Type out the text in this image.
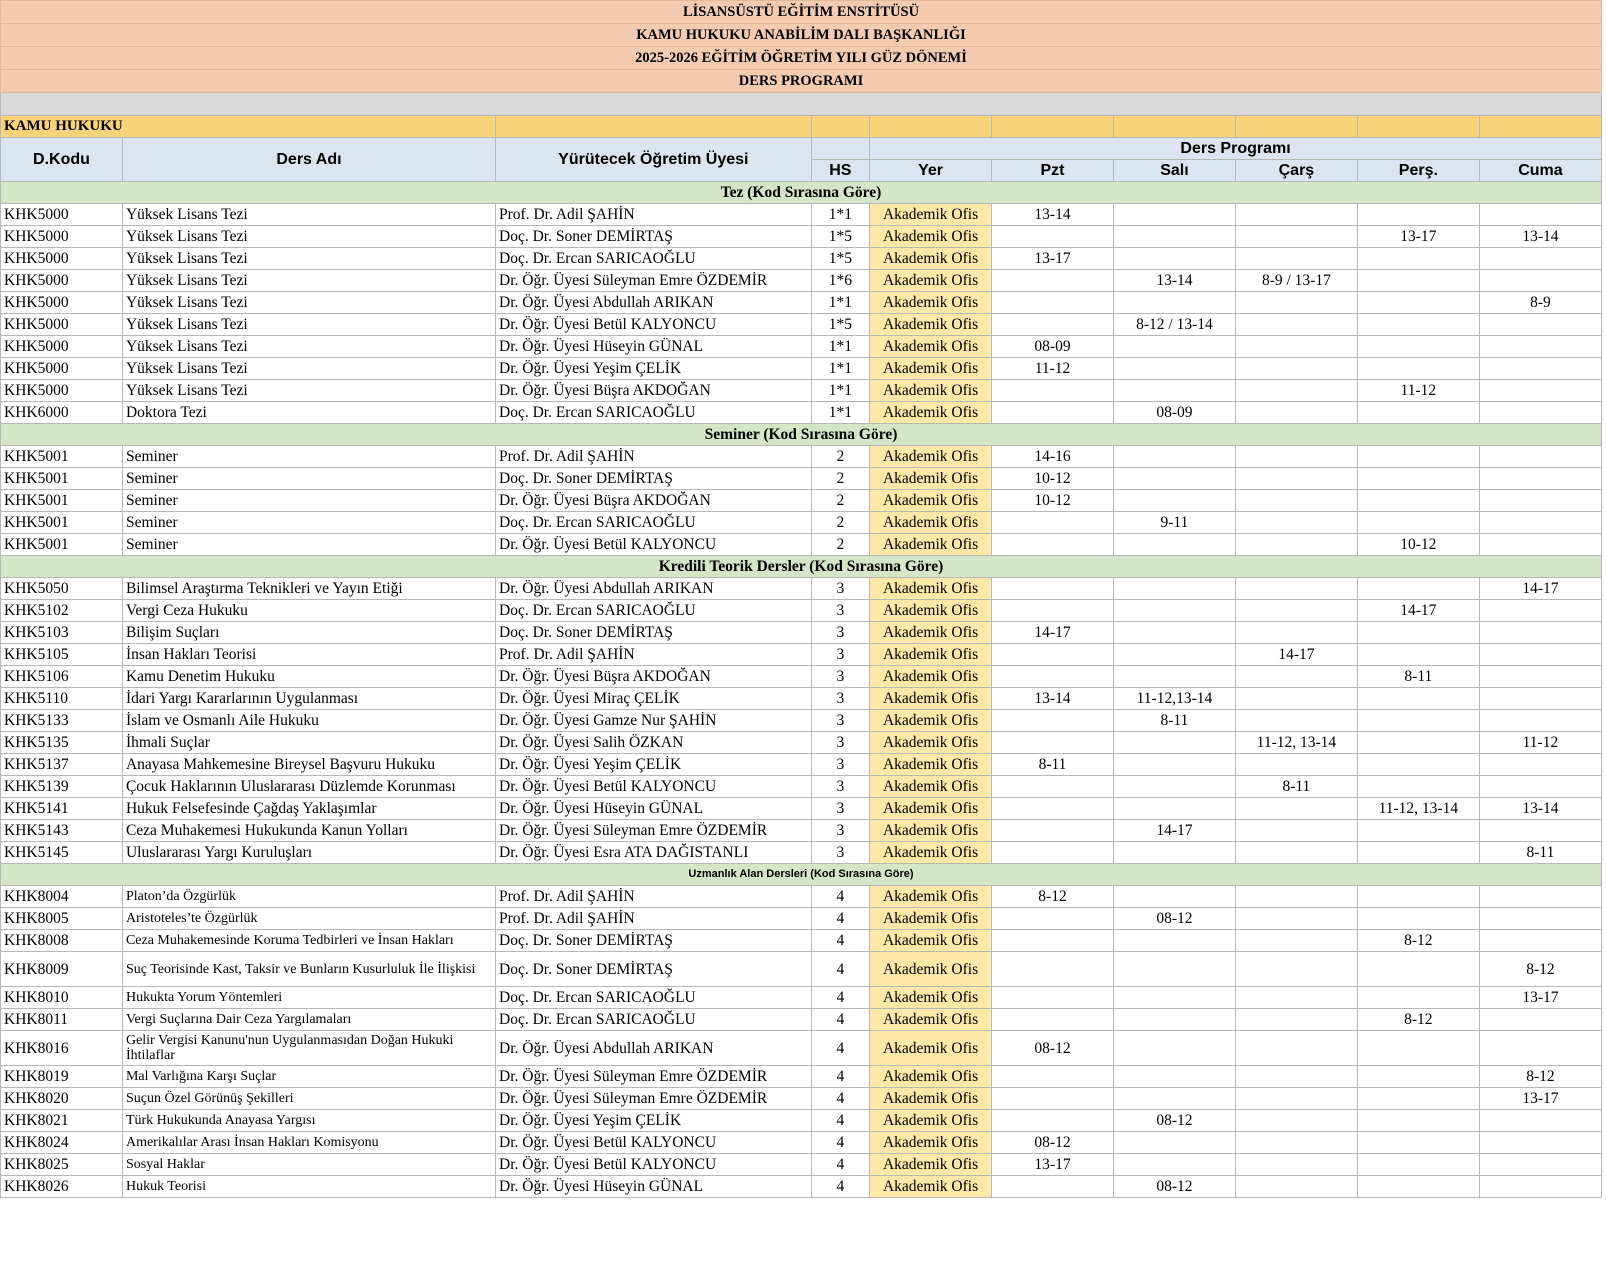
LİSANSÜSTÜ EĞİTİM ENSTİTÜSÜ									
KAMU HUKUKU ANABİLİM DALI BAŞKANLIĞI									
2025-2026 EĞİTİM ÖĞRETİM YILI GÜZ DÖNEMİ									
DERS PROGRAMI									

KAMU HUKUKU									
D.Kodu	Ders Adı	Yürütecek Öğretim Üyesi		Ders Programı					
			HS	Yer	Pzt	Salı	Çarş	Perş.	Cuma
Tez (Kod Sırasına Göre)									
KHK5000	Yüksek Lisans Tezi	Prof. Dr. Adil ŞAHİN	1*1	Akademik Ofis	13-14				
KHK5000	Yüksek Lisans Tezi	Doç. Dr. Soner DEMİRTAŞ	1*5	Akademik Ofis				13-17	13-14
KHK5000	Yüksek Lisans Tezi	Doç. Dr. Ercan SARICAOĞLU	1*5	Akademik Ofis	13-17				
KHK5000	Yüksek Lisans Tezi	Dr. Öğr. Üyesi Süleyman Emre ÖZDEMİR	1*6	Akademik Ofis		13-14	8-9 / 13-17		
KHK5000	Yüksek Lisans Tezi	Dr. Öğr. Üyesi Abdullah ARIKAN	1*1	Akademik Ofis					8-9
KHK5000	Yüksek Lisans Tezi	Dr. Öğr. Üyesi Betül KALYONCU	1*5	Akademik Ofis		8-12 / 13-14			
KHK5000	Yüksek Lisans Tezi	Dr. Öğr. Üyesi Hüseyin GÜNAL	1*1	Akademik Ofis	08-09				
KHK5000	Yüksek Lisans Tezi	Dr. Öğr. Üyesi Yeşim ÇELİK	1*1	Akademik Ofis	11-12				
KHK5000	Yüksek Lisans Tezi	Dr. Öğr. Üyesi Büşra AKDOĞAN	1*1	Akademik Ofis				11-12	
KHK6000	Doktora Tezi	Doç. Dr. Ercan SARICAOĞLU	1*1	Akademik Ofis		08-09			
Seminer (Kod Sırasına Göre)									
KHK5001	Seminer	Prof. Dr. Adil ŞAHİN	2	Akademik Ofis	14-16				
KHK5001	Seminer	Doç. Dr. Soner DEMİRTAŞ	2	Akademik Ofis	10-12				
KHK5001	Seminer	Dr. Öğr. Üyesi Büşra AKDOĞAN	2	Akademik Ofis	10-12				
KHK5001	Seminer	Doç. Dr. Ercan SARICAOĞLU	2	Akademik Ofis		9-11			
KHK5001	Seminer	Dr. Öğr. Üyesi Betül KALYONCU	2	Akademik Ofis				10-12	
Kredili Teorik Dersler (Kod Sırasına Göre)									
KHK5050	Bilimsel Araştırma Teknikleri ve Yayın Etiği	Dr. Öğr. Üyesi Abdullah ARIKAN	3	Akademik Ofis					14-17
KHK5102	Vergi Ceza Hukuku	Doç. Dr. Ercan SARICAOĞLU	3	Akademik Ofis				14-17	
KHK5103	Bilişim Suçları	Doç. Dr. Soner DEMİRTAŞ	3	Akademik Ofis	14-17				
KHK5105	İnsan Hakları Teorisi	Prof. Dr. Adil ŞAHİN	3	Akademik Ofis			14-17		
KHK5106	Kamu Denetim Hukuku	Dr. Öğr. Üyesi Büşra AKDOĞAN	3	Akademik Ofis				8-11	
KHK5110	İdari Yargı Kararlarının Uygulanması	Dr. Öğr. Üyesi Miraç ÇELİK	3	Akademik Ofis	13-14	11-12,13-14			
KHK5133	İslam ve Osmanlı Aile Hukuku	Dr. Öğr. Üyesi Gamze Nur ŞAHİN	3	Akademik Ofis		8-11			
KHK5135	İhmali Suçlar	Dr. Öğr. Üyesi Salih ÖZKAN	3	Akademik Ofis			11-12, 13-14		11-12
KHK5137	Anayasa Mahkemesine Bireysel Başvuru Hukuku	Dr. Öğr. Üyesi Yeşim ÇELİK	3	Akademik Ofis	8-11				
KHK5139	Çocuk Haklarının Uluslararası Düzlemde Korunması	Dr. Öğr. Üyesi Betül KALYONCU	3	Akademik Ofis			8-11		
KHK5141	Hukuk Felsefesinde Çağdaş Yaklaşımlar	Dr. Öğr. Üyesi Hüseyin GÜNAL	3	Akademik Ofis				11-12, 13-14	13-14
KHK5143	Ceza Muhakemesi Hukukunda Kanun Yolları	Dr. Öğr. Üyesi Süleyman Emre ÖZDEMİR	3	Akademik Ofis		14-17			
KHK5145	Uluslararası Yargı Kuruluşları	Dr. Öğr. Üyesi Esra ATA DAĞISTANLI	3	Akademik Ofis					8-11
Uzmanlık Alan Dersleri (Kod Sırasına Göre)									
KHK8004	Platon’da Özgürlük	Prof. Dr. Adil ŞAHİN	4	Akademik Ofis	8-12				
KHK8005	Aristoteles’te Özgürlük	Prof. Dr. Adil ŞAHİN	4	Akademik Ofis		08-12			
KHK8008	Ceza Muhakemesinde Koruma Tedbirleri ve İnsan Hakları	Doç. Dr. Soner DEMİRTAŞ	4	Akademik Ofis				8-12	
KHK8009	Suç Teorisinde Kast, Taksir ve Bunların Kusurluluk İle İlişkisi	Doç. Dr. Soner DEMİRTAŞ	4	Akademik Ofis					8-12
KHK8010	Hukukta Yorum Yöntemleri	Doç. Dr. Ercan SARICAOĞLU	4	Akademik Ofis					13-17
KHK8011	Vergi Suçlarına Dair Ceza Yargılamaları	Doç. Dr. Ercan SARICAOĞLU	4	Akademik Ofis				8-12	
KHK8016	Gelir Vergisi Kanunu'nun Uygulanmasıdan Doğan Hukuki İhtilaflar	Dr. Öğr. Üyesi Abdullah ARIKAN	4	Akademik Ofis	08-12				
KHK8019	Mal Varlığına Karşı Suçlar	Dr. Öğr. Üyesi Süleyman Emre ÖZDEMİR	4	Akademik Ofis					8-12
KHK8020	Suçun Özel Görünüş Şekilleri	Dr. Öğr. Üyesi Süleyman Emre ÖZDEMİR	4	Akademik Ofis					13-17
KHK8021	Türk Hukukunda Anayasa Yargısı	Dr. Öğr. Üyesi Yeşim ÇELİK	4	Akademik Ofis		08-12			
KHK8024	Amerikalılar Arası İnsan Hakları Komisyonu	Dr. Öğr. Üyesi Betül KALYONCU	4	Akademik Ofis	08-12				
KHK8025	Sosyal Haklar	Dr. Öğr. Üyesi Betül KALYONCU	4	Akademik Ofis	13-17				
KHK8026	Hukuk Teorisi	Dr. Öğr. Üyesi Hüseyin GÜNAL	4	Akademik Ofis		08-12			
